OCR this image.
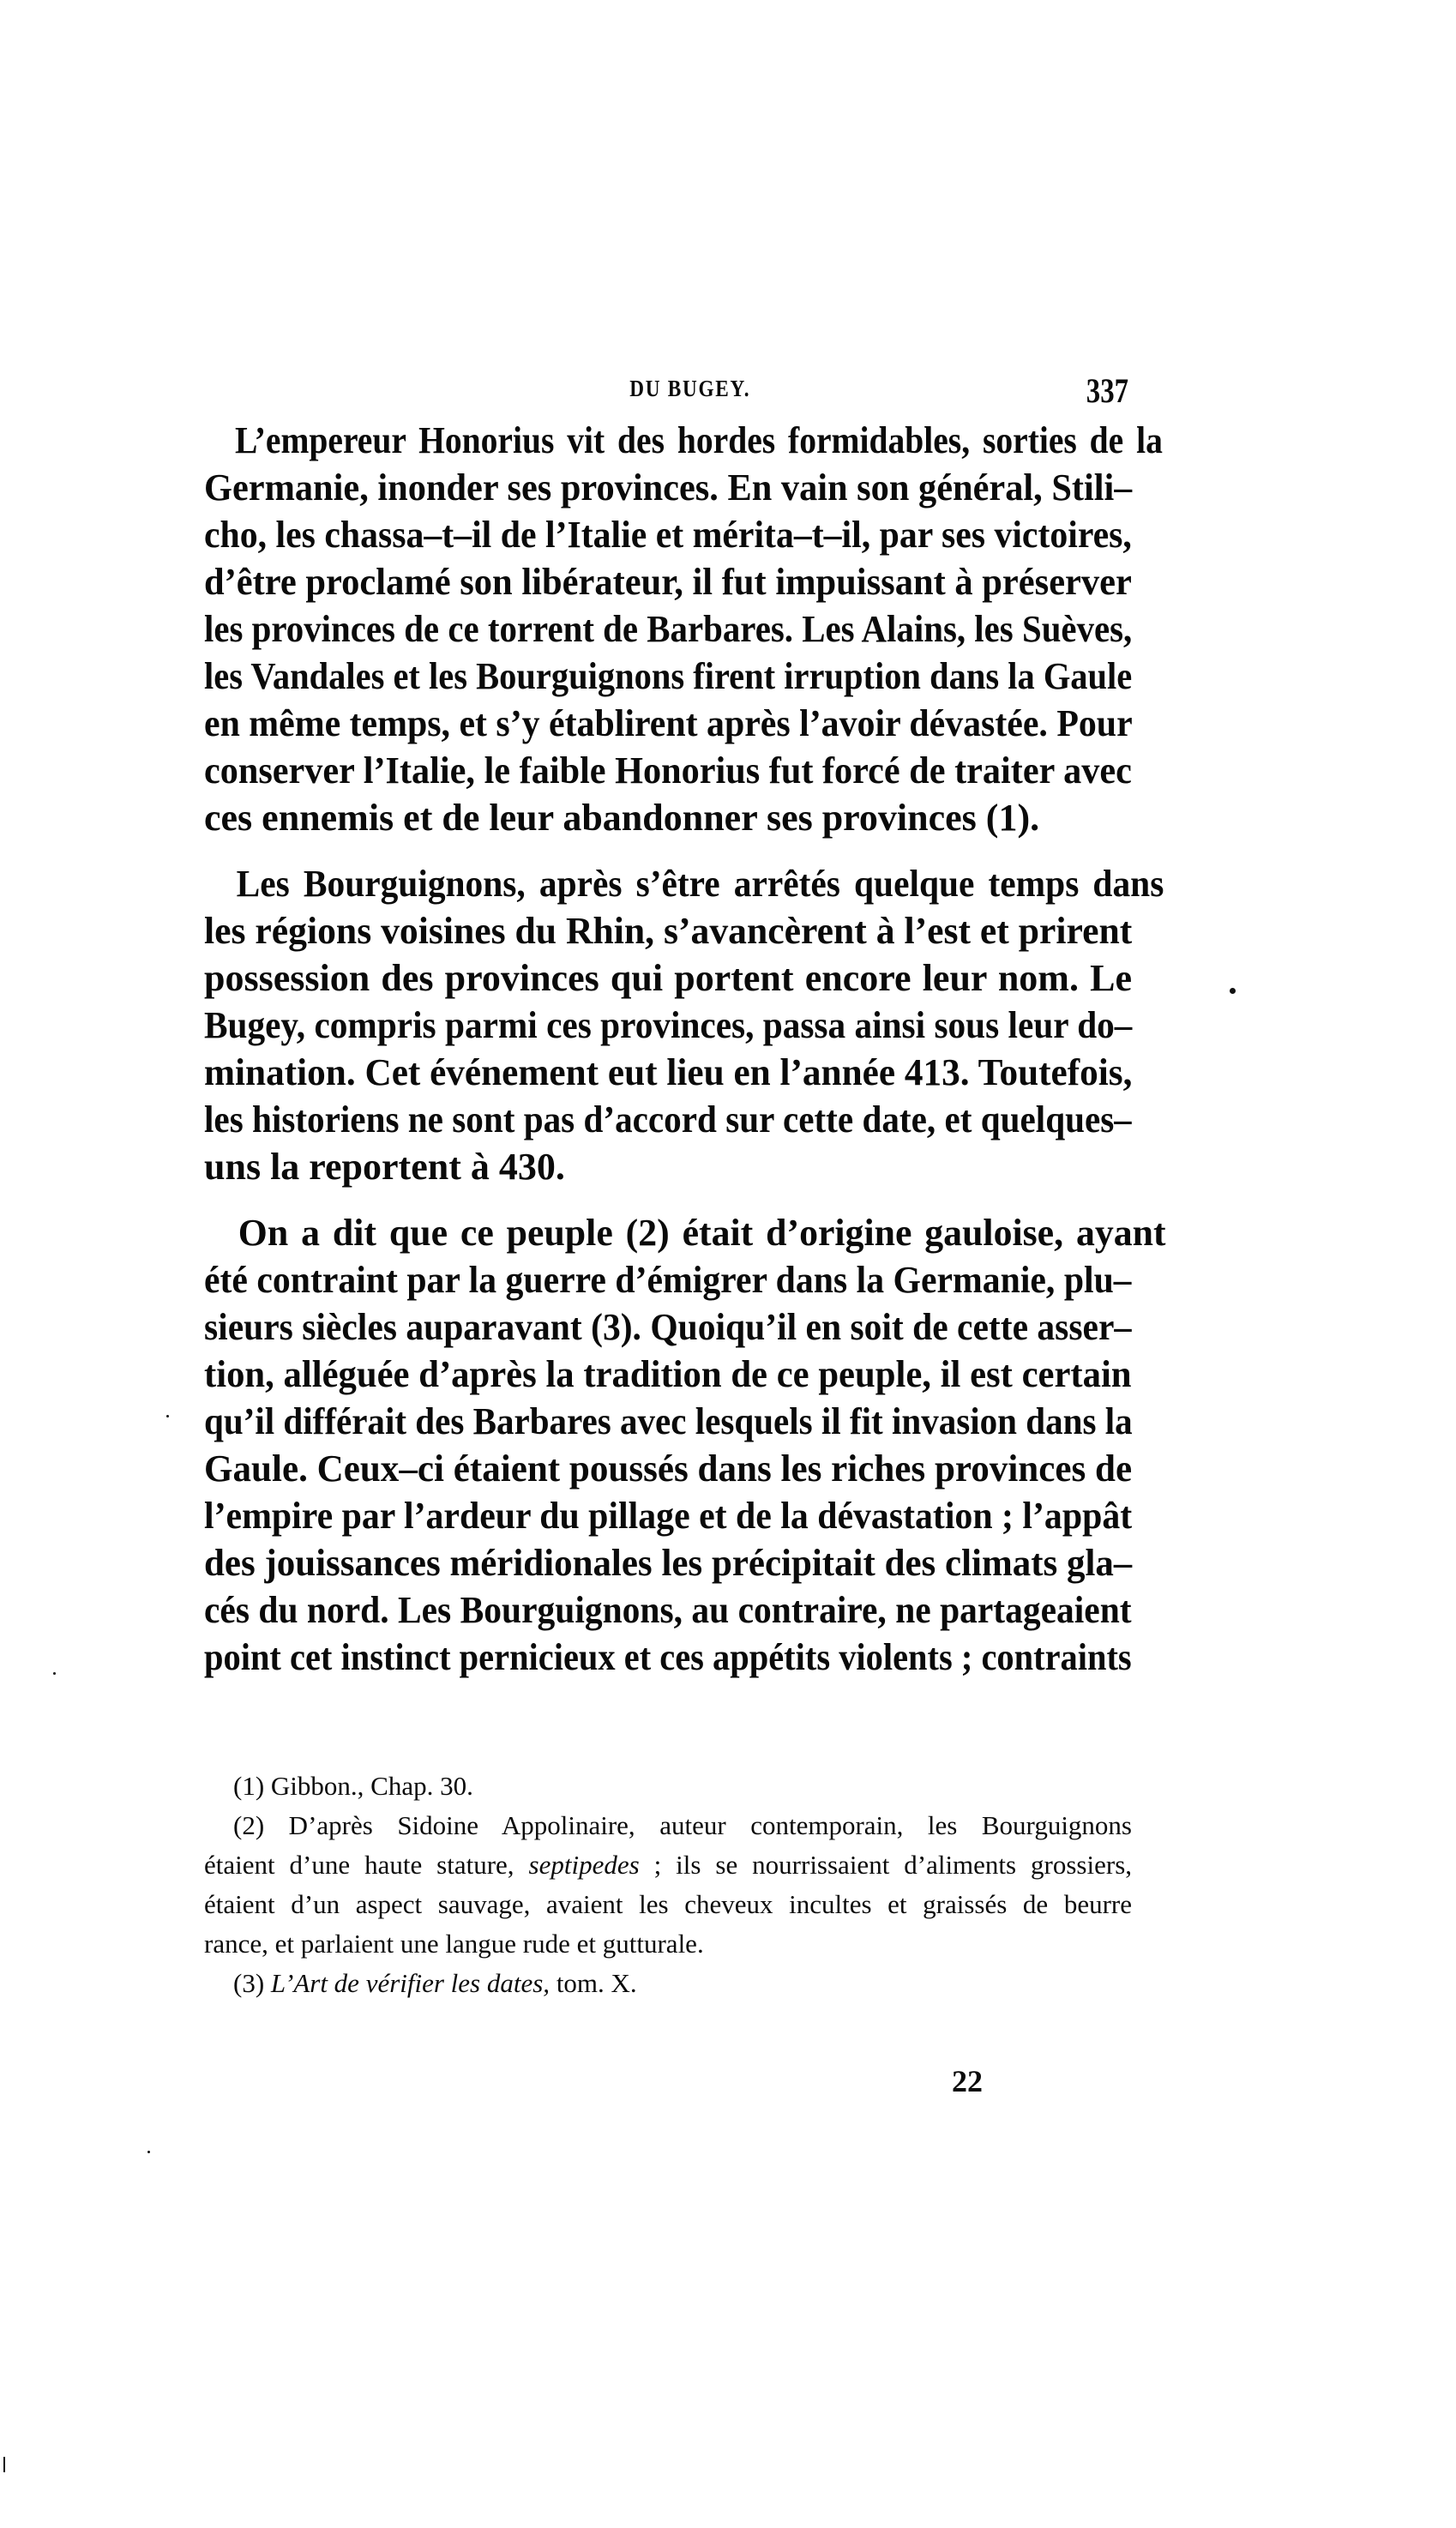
DU BUGEY.	337
L’empereur Honorius vit des hordes formidables, sorties de la
Germanie, inonder ses provinces. En vain son général, Stili–
cho, les chassa–t–il de l’Italie et mérita–t–il, par ses victoires,
d’être proclamé son libérateur, il fut impuissant à préserver
les provinces de ce torrent de Barbares. Les Alains, les Suèves,
les Vandales et les Bourguignons firent irruption dans la Gaule
en même temps, et s’y établirent après l’avoir dévastée. Pour
conserver l’Italie, le faible Honorius fut forcé de traiter avec
ces ennemis et de leur abandonner ses provinces (1).
Les Bourguignons, après s’être arrêtés quelque temps dans
les régions voisines du Rhin, s’avancèrent à l’est et prirent
possession des provinces qui portent encore leur nom. Le
Bugey, compris parmi ces provinces, passa ainsi sous leur do–
mination. Cet événement eut lieu en l’année 413. Toutefois,
les historiens ne sont pas d’accord sur cette date, et quelques–
uns la reportent à 430.
On a dit que ce peuple (2) était d’origine gauloise, ayant
été contraint par la guerre d’émigrer dans la Germanie, plu–
sieurs siècles auparavant (3). Quoiqu’il en soit de cette asser–
tion, alléguée d’après la tradition de ce peuple, il est certain
qu’il différait des Barbares avec lesquels il fit invasion dans la
Gaule. Ceux–ci étaient poussés dans les riches provinces de
l’empire par l’ardeur du pillage et de la dévastation ; l’appât
des jouissances méridionales les précipitait des climats gla–
cés du nord. Les Bourguignons, au contraire, ne partageaient
point cet instinct pernicieux et ces appétits violents ; contraints
(1) Gibbon., Chap. 30.
(2) D’après Sidoine Appolinaire, auteur contemporain, les Bourguignons
étaient d’une haute stature, septipedes ; ils se nourrissaient d’aliments grossiers,
étaient d’un aspect sauvage, avaient les cheveux incultes et graissés de beurre
rance, et parlaient une langue rude et gutturale.
(3) L’Art de vérifier les dates, tom. X.
22
